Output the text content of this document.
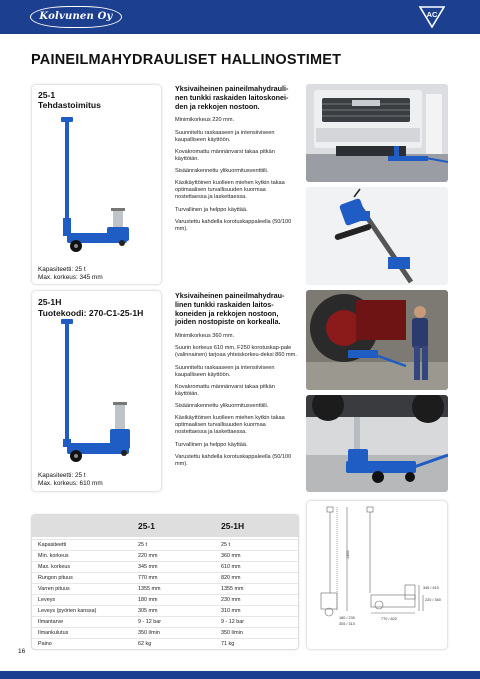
Kolvunen Oy	AC
PAINEILMAHYDRAULISET HALLINOSTIMET
25-1
Tehdastoimitus
Kapasiteetti: 25 t
Max. korkeus: 345 mm
Yksivaiheinen paineilmahydrauli-nen tunkki raskaiden laitoskonei-den ja rekkojen nostoon.

Minimikorkeus 220 mm.

Suunniteltu raskaaseen ja intensiiviseen kaupalliseen käyttöön.

Kovakromattu männänvarsi takaa pitkän käyttöiän.

Sisäänrakennettu ylikuormitusventtiili.

Käsikäyttöinen kuolleen miehen kytkin takaa optimaalisen turvallisuuden kuormaa nostettaessa ja laskettaessa.

Turvallinen ja helppo käyttää.

Varustettu kahdella korotuskappaleella (50/100 mm).

25-1H
Tuotekoodi: 270-C1-25-1H
Kapasiteetti: 25 t
Max. korkeus: 610 mm
Yksivaiheinen paineilmahydrau-linen tunkki raskaiden laitos-koneiden ja rekkojen nostoon, joiden nostopiste on korkealla.

Minimikorkeus 360 mm.

Suurin korkeus 610 mm, F250 korotuskap-pale (valinnainen) tarjoaa yhteiskorkeu-deksi 860 mm.

Suunniteltu raskaaseen ja intensiiviseen kaupalliseen käyttöön.

Kovakromattu männänvarsi takaa pitkän käyttöiän.

Sisäänrakennettu ylikuormitusventtiili.

Käsikäyttöinen kuolleen miehen kytkin takaa optimaalisen turvallisuuden kuormaa nostettaessa ja laskettaessa.

Turvallinen ja helppo käyttää.

Varustettu kahdella korotuskappaleella (50/100 mm).

25-1	25-1H
Kapasiteetti	25 t	25 t
Min. korkeus	220 mm	360 mm
Max. korkeus	345 mm	610 mm
Rungon pituus	770 mm	820 mm
Varren pituus	1355 mm	1355 mm
Leveys	180 mm	230 mm
Leveys (pyörien kanssa)	305 mm	310 mm
Ilmantarve	9 - 12 bar	9 - 12 bar
Ilmankulutus	350 l/min	350 l/min
Paino	62 kg	71 kg
1355
180 / 230
305 / 310
770 / 820
345 / 610
220 / 360
16
